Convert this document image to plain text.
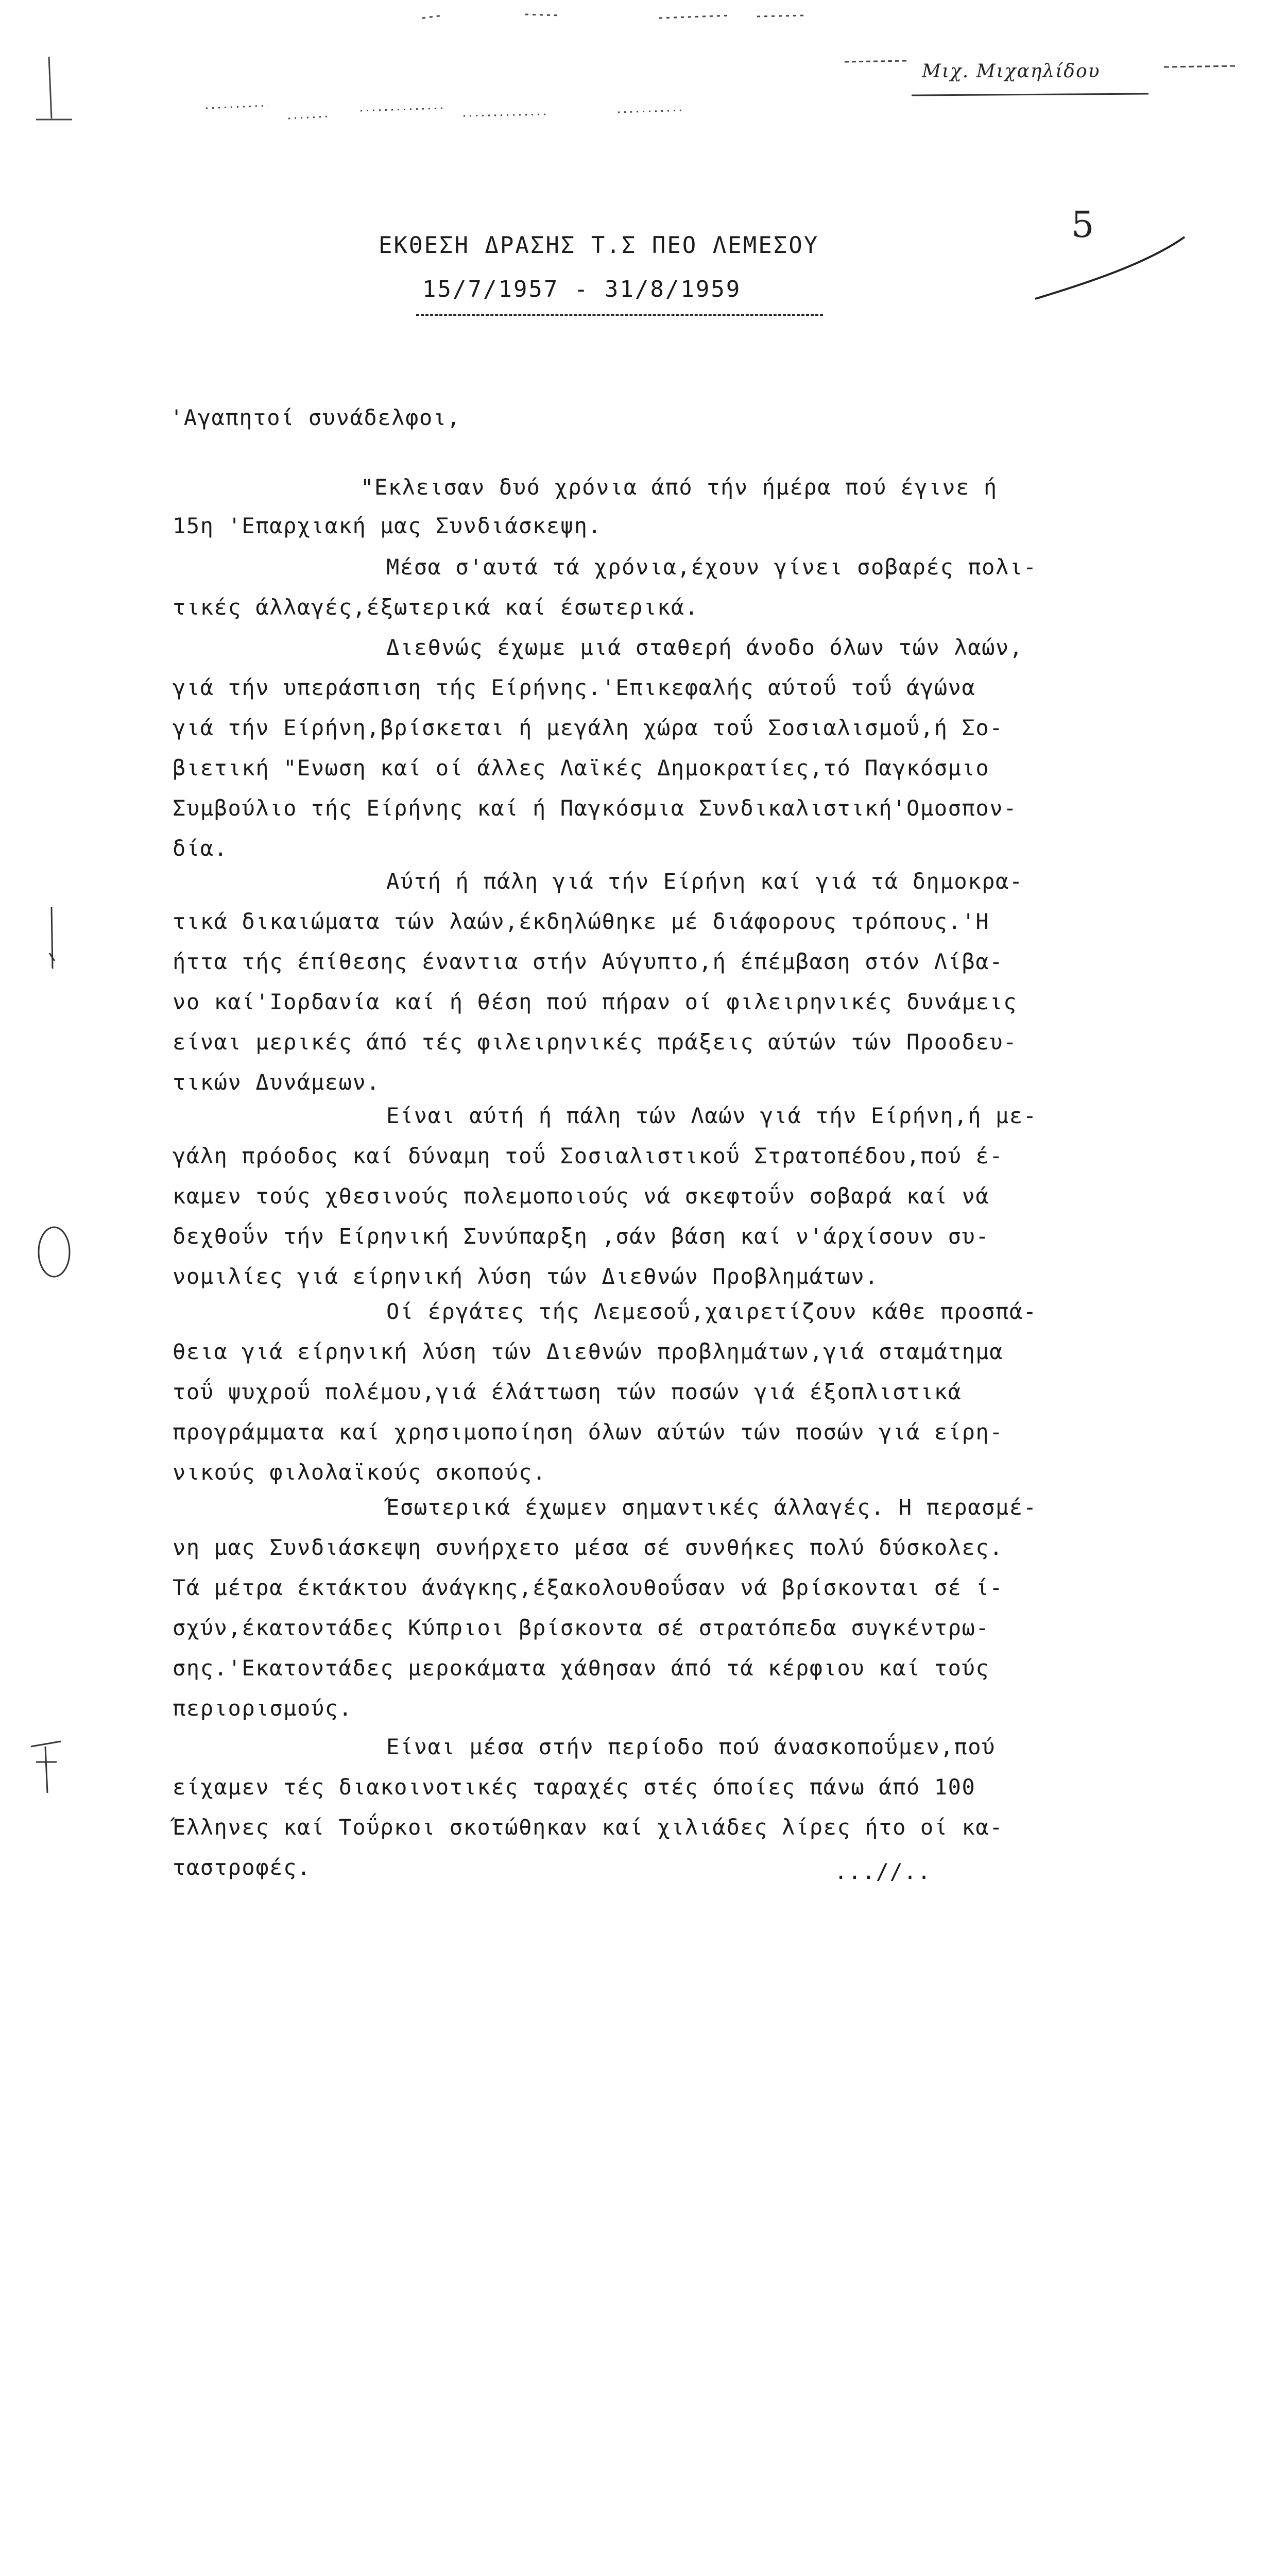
Μιχ. Μιχαηλίδου
5
ΕΚΘΕΣΗ ΔΡΑΣΗΣ Τ.Σ ΠΕΟ ΛΕΜΕΣΟΥ
15/7/1957 - 31/8/1959
'Αγαπητοί συνάδελφοι,
"Εκλεισαν δυό χρόνια άπό τήν ήμέρα πού έγινε ή
15η 'Επαρχιακή μας Συνδιάσκεψη.
Μέσα σ'αυτά τά χρόνια,έχουν γίνει σοβαρές πολι-
τικές άλλαγές,έξωτερικά καί έσωτερικά.
Διεθνώς έχωμε μιά σταθερή άνοδο όλων τών λαών,
γιά τήν υπεράσπιση τής Είρήνης.'Επικεφαλής αύτοΰ τοΰ άγώνα
γιά τήν Είρήνη,βρίσκεται ή μεγάλη χώρα τοΰ Σοσιαλισμοΰ,ή Σο-
βιετική "Ενωση καί οί άλλες Λαϊκές Δημοκρατίες,τό Παγκόσμιο
Συμβούλιο τής Είρήνης καί ή Παγκόσμια Συνδικαλιστική'Ομοσπον-
δία.
Αύτή ή πάλη γιά τήν Είρήνη καί γιά τά δημοκρα-
τικά δικαιώματα τών λαών,έκδηλώθηκε μέ διάφορους τρόπους.'Η
ήττα τής έπίθεσης έναντια στήν Αύγυπτο,ή έπέμβαση στόν Λίβα-
νο καί'Ιορδανία καί ή θέση πού πήραν οί φιλειρηνικές δυνάμεις
είναι μερικές άπό τές φιλειρηνικές πράξεις αύτών τών Προοδευ-
τικών Δυνάμεων.
Είναι αύτή ή πάλη τών Λαών γιά τήν Είρήνη,ή με-
γάλη πρόοδος καί δύναμη τοΰ Σοσιαλιστικοΰ Στρατοπέδου,πού έ-
καμεν τούς χθεσινούς πολεμοποιούς νά σκεφτοΰν σοβαρά καί νά
δεχθοΰν τήν Είρηνική Συνύπαρξη ,σάν βάση καί ν'άρχίσουν συ-
νομιλίες γιά είρηνική λύση τών Διεθνών Προβλημάτων.
Οί έργάτες τής Λεμεσοΰ,χαιρετίζουν κάθε προσπά-
θεια γιά είρηνική λύση τών Διεθνών προβλημάτων,γιά σταμάτημα
τοΰ ψυχροΰ πολέμου,γιά έλάττωση τών ποσών γιά έξοπλιστικά
προγράμματα καί χρησιμοποίηση όλων αύτών τών ποσών γιά είρη-
νικούς φιλολαϊκούς σκοπούς.
Έσωτερικά έχωμεν σημαντικές άλλαγές. Η περασμέ-
νη μας Συνδιάσκεψη συνήρχετο μέσα σέ συνθήκες πολύ δύσκολες.
Τά μέτρα έκτάκτου άνάγκης,έξακολουθοΰσαν νά βρίσκονται σέ ί-
σχύν,έκατοντάδες Κύπριοι βρίσκοντα σέ στρατόπεδα συγκέντρω-
σης.'Εκατοντάδες μεροκάματα χάθησαν άπό τά κέρφιου καί τούς
περιορισμούς.
Είναι μέσα στήν περίοδο πού άνασκοποΰμεν,πού
είχαμεν τές διακοινοτικές ταραχές στές όποίες πάνω άπό 100
Έλληνες καί Τοΰρκοι σκοτώθηκαν καί χιλιάδες λίρες ήτο οί κα-
ταστροφές.	...//..
